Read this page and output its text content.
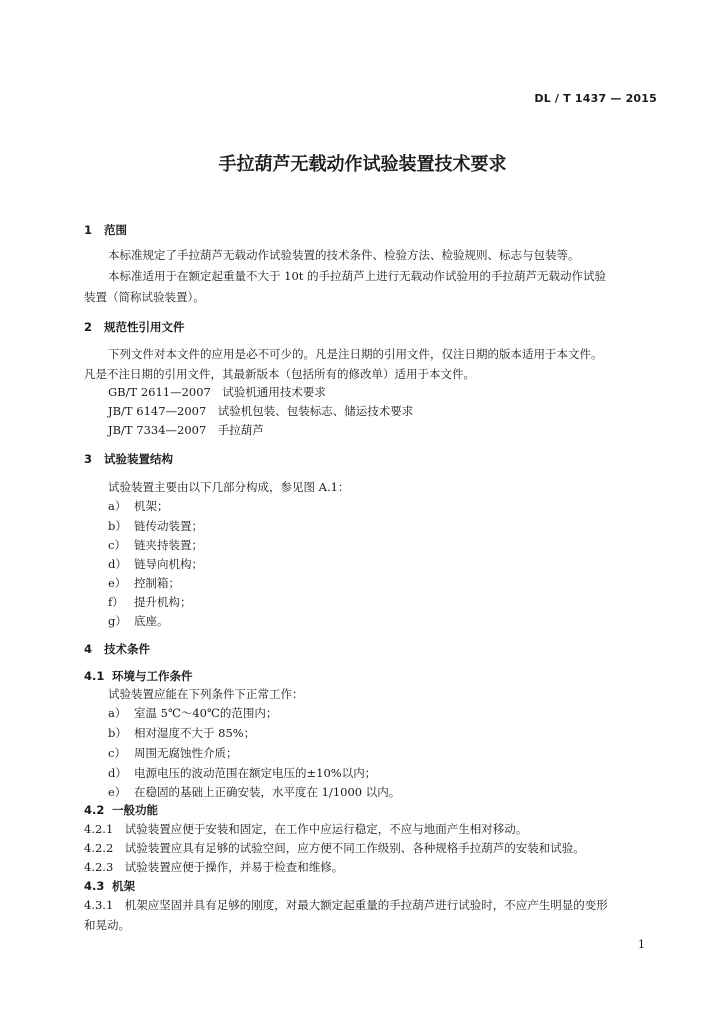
DL / T 1437 — 2015
手拉葫芦无载动作试验装置技术要求
1 范围
本标准规定了手拉葫芦无载动作试验装置的技术条件、检验方法、检验规则、标志与包装等。
本标准适用于在额定起重量不大于 10t 的手拉葫芦上进行无载动作试验用的手拉葫芦无载动作试验
装置（简称试验装置）。
2 规范性引用文件
下列文件对本文件的应用是必不可少的。凡是注日期的引用文件，仅注日期的版本适用于本文件。
凡是不注日期的引用文件，其最新版本（包括所有的修改单）适用于本文件。
GB/T 2611—2007　试验机通用技术要求
JB/T 6147—2007　试验机包装、包装标志、储运技术要求
JB/T 7334—2007　手拉葫芦
3 试验装置结构
试验装置主要由以下几部分构成，参见图 A.1：
a） 机架；
b） 链传动装置；
c） 链夹持装置；
d） 链导向机构；
e） 控制箱；
f） 提升机构；
g） 底座。
4 技术条件
4.1 环境与工作条件
试验装置应能在下列条件下正常工作：
a） 室温 5℃～40℃的范围内；
b） 相对湿度不大于 85%；
c） 周围无腐蚀性介质；
d） 电源电压的波动范围在额定电压的±10%以内；
e） 在稳固的基础上正确安装，水平度在 1/1000 以内。
4.2 一般功能
4.2.1　试验装置应便于安装和固定，在工作中应运行稳定，不应与地面产生相对移动。
4.2.2　试验装置应具有足够的试验空间，应方便不同工作级别、各种规格手拉葫芦的安装和试验。
4.2.3　试验装置应便于操作，并易于检查和维修。
4.3 机架
4.3.1　机架应坚固并具有足够的刚度，对最大额定起重量的手拉葫芦进行试验时，不应产生明显的变形
和晃动。
1
